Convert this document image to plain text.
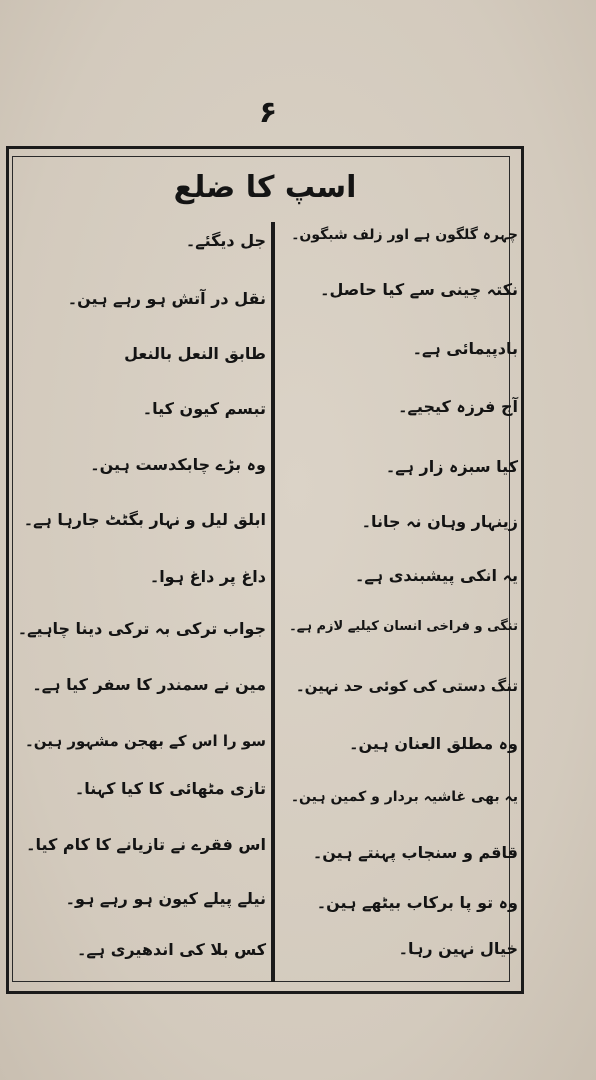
۶
اسپ کا ضلع
چہرہ گلگون ہے اور زلف شبگون۔
نکتہ چینی سے کیا حاصل۔
بادپیمائی ہے۔
آج فرزہ کیجیے۔
کیا سبزہ زار ہے۔
زینہار وہان نہ جانا۔
یہ انکی پیشبندی ہے۔
تنگی و فراخی انسان کیلیے لازم ہے۔
تنگ دستی کی کوئی حد نہین۔
وہ مطلق العنان ہین۔
یہ بھی غاشیہ بردار و کمین ہین۔
قاقم و سنجاب پہنتے ہین۔
وہ تو پا برکاب بیٹھے ہین۔
خیال نہین رہا۔
جل دیگئے۔
نقل در آتش ہو رہے ہین۔
طابق النعل بالنعل
تبسم کیون کیا۔
وہ بڑے چابکدست ہین۔
ابلق لیل و نہار بگٹٹ جارہا ہے۔
داغ پر داغ ہوا۔
جواب ترکی بہ ترکی دینا چاہیے۔
مین نے سمندر کا سفر کیا ہے۔
سو را اس کے بھجن مشہور ہین۔
تازی مٹھائی کا کیا کہنا۔
اس فقرے نے تازیانے کا کام کیا۔
نیلے پیلے کیون ہو رہے ہو۔
کس بلا کی اندھیری ہے۔
